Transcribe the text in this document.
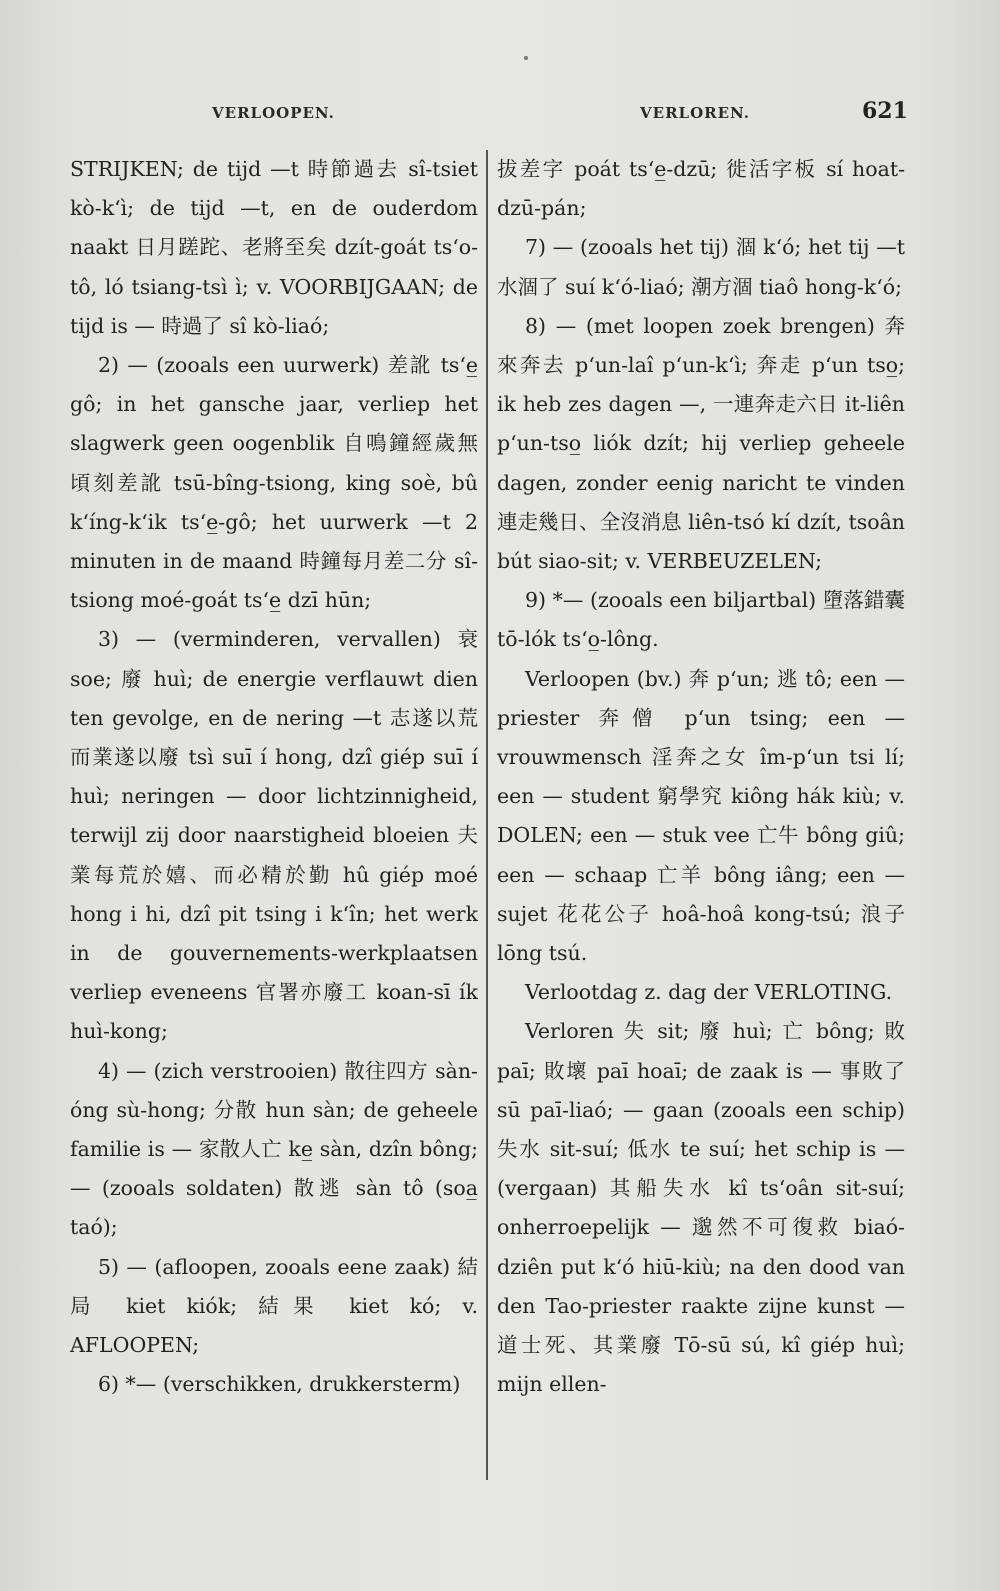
VERLOOPEN.	VERLOREN.	621

STRIJKEN; de tijd —t 時節過去 sî-tsiet kò-k‘ì; de tijd —t, en de ouderdom naakt 日月蹉跎、老將至矣 dzít-goát ts‘o-tô, ló tsiang-tsì ì; v. VOORBIJGAAN; de tijd is — 時過了 sî kò-liaó;

2) — (zooals een uurwerk) 差訛 ts‘e̲ gô; in het gansche jaar, verliep het slagwerk geen oogenblik 自鳴鐘經歲無頃刻差訛 tsū-bîng-tsiong, king soè, bû k‘íng-k‘ik ts‘e̲-gô; het uurwerk —t 2 minuten in de maand 時鐘每月差二分 sî-tsiong moé-goát ts‘e̲ dzī hūn;

3) — (verminderen, vervallen) 衰 soe; 廢 huì; de energie verflauwt dien ten gevolge, en de nering —t 志遂以荒而業遂以廢 tsì suī í hong, dzî giép suī í huì; neringen — door lichtzinnigheid, terwijl zij door naarstigheid bloeien 夫業每荒於嬉、而必精於勤 hû giép moé hong i hi, dzî pit tsing i k‘în; het werk in de gouvernements-werkplaatsen verliep eveneens 官署亦廢工 koan-sī ík huì-kong;

4) — (zich verstrooien) 散往四方 sàn-óng sù-hong; 分散 hun sàn; de geheele familie is — 家散人亡 ke̲ sàn, dzîn bông; — (zooals soldaten) 散逃 sàn tô (soa̲ taó);

5) — (afloopen, zooals eene zaak) 結局 kiet kiók; 結果 kiet kó; v. AFLOOPEN;

6) *— (verschikken, drukkersterm)

拔差字 poát ts‘e̲-dzū; 徙活字板 sí hoat-dzū-pán;

7) — (zooals het tij) 涸 k‘ó; het tij —t 水涸了 suí k‘ó-liaó; 潮方涸 tiaô hong-k‘ó;

8) — (met loopen zoek brengen) 奔來奔去 p‘un-laî p‘un-k‘ì; 奔走 p‘un tso̲; ik heb zes dagen —, 一連奔走六日 it-liên p‘un-tso̲ liók dzít; hij verliep geheele dagen, zonder eenig naricht te vinden 連走幾日、全沒消息 liên-tsó kí dzít, tsoân bút siao-sit; v. VERBEUZELEN;

9) *— (zooals een biljartbal) 墮落錯囊 tō-lók ts‘o̲-lông.

Verloopen (bv.) 奔 p‘un; 逃 tô; een — priester 奔僧 p‘un tsing; een — vrouwmensch 淫奔之女 îm-p‘un tsi lí; een — student 窮學究 kiông hák kiù; v. DOLEN; een — stuk vee 亡牛 bông giû; een — schaap 亡羊 bông iâng; een — sujet 花花公子 hoâ-hoâ kong-tsú; 浪子 lōng tsú.

Verlootdag z. dag der VERLOTING.

Verloren 失 sit; 廢 huì; 亡 bông; 敗 paī; 敗壞 paī hoaī; de zaak is — 事敗了 sū paī-liaó; — gaan (zooals een schip) 失水 sit-suí; 低水 te suí; het schip is — (vergaan) 其船失水 kî ts‘oân sit-suí; onherroepelijk — 邈然不可復救 biaó-dziên put k‘ó hiū-kiù; na den dood van den Tao-priester raakte zijne kunst — 道士死、其業廢 Tō-sū sú, kî giép huì; mijn ellen-
